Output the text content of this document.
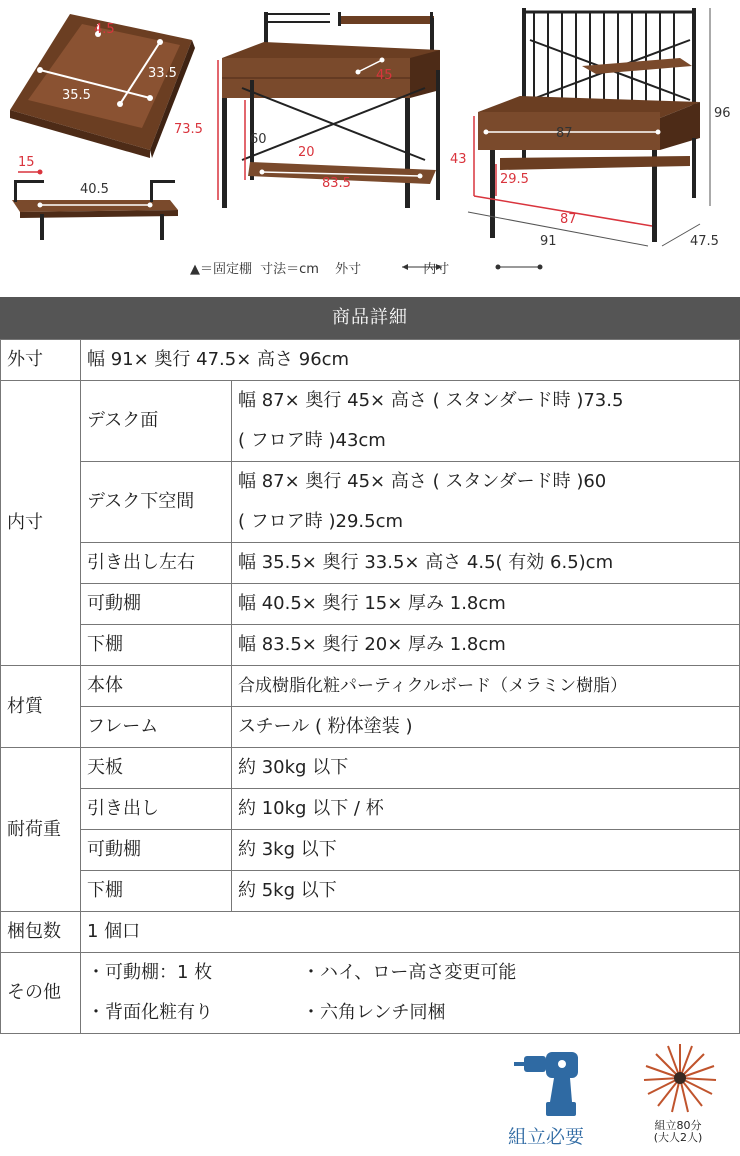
4.5
33.5
35.5
15
40.5
73.5
60
20
83.5
45
96
43
29.5
87
87
91	47.5
▲＝固定棚 寸法＝cm 外寸	内寸
商品詳細
外寸	幅 91× 奥行 47.5× 高さ 96cm	
内寸	デスク面	幅 87× 奥行 45× 高さ ( スタンダード時 )73.5
( フロア時 )43cm

	デスク下空間	幅 87× 奥行 45× 高さ ( スタンダード時 )60
( フロア時 )29.5cm

	引き出し左右	幅 35.5× 奥行 33.5× 高さ 4.5( 有効 6.5)cm
	可動棚	幅 40.5× 奥行 15× 厚み 1.8cm
	下棚	幅 83.5× 奥行 20× 厚み 1.8cm
材質	本体	合成樹脂化粧パーティクルボード（メラミン樹脂）
	フレーム	スチール ( 粉体塗装 )
耐荷重	天板	約 30kg 以下
	引き出し	約 10kg 以下 / 杯
	可動棚	約 3kg 以下
	下棚	約 5kg 以下
梱包数	1 個口	
その他	・可動棚：1 枚 ・ハイ、ロー高さ変更可能
・背面化粧有り ・六角レンチ同梱	
組立必要
組立80分
(大人2人)
